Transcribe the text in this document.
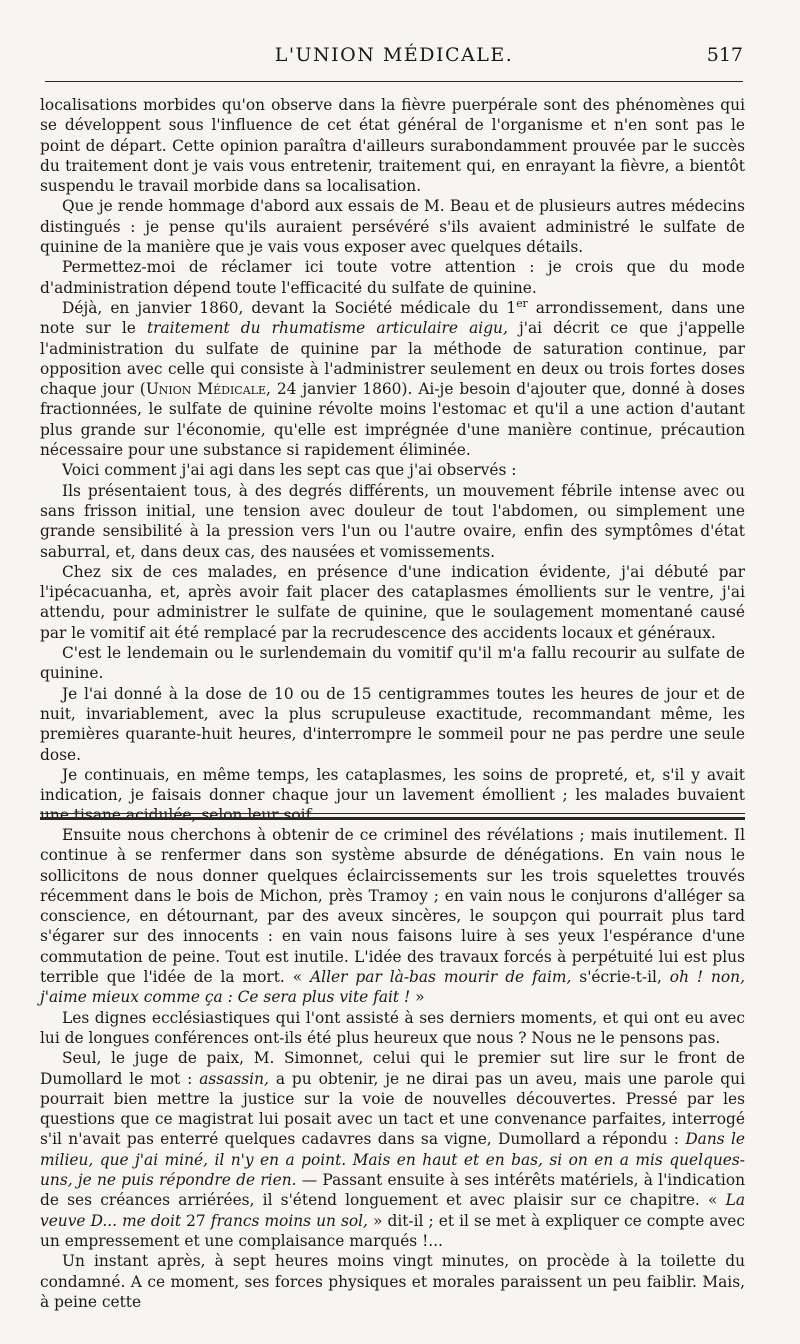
L'UNION MÉDICALE.	517

localisations morbides qu'on observe dans la fièvre puerpérale sont des phénomènes qui se développent sous l'influence de cet état général de l'organisme et n'en sont pas le point de départ. Cette opinion paraîtra d'ailleurs surabondamment prouvée par le succès du traitement dont je vais vous entretenir, traitement qui, en enrayant la fièvre, a bientôt suspendu le travail morbide dans sa localisation.

Que je rende hommage d'abord aux essais de M. Beau et de plusieurs autres médecins distingués : je pense qu'ils auraient persévéré s'ils avaient administré le sulfate de quinine de la manière que je vais vous exposer avec quelques détails.

Permettez-moi de réclamer ici toute votre attention : je crois que du mode d'administration dépend toute l'efficacité du sulfate de quinine.

Déjà, en janvier 1860, devant la Société médicale du 1er arrondissement, dans une note sur le traitement du rhumatisme articulaire aigu, j'ai décrit ce que j'appelle l'administration du sulfate de quinine par la méthode de saturation continue, par opposition avec celle qui consiste à l'administrer seulement en deux ou trois fortes doses chaque jour (Union Médicale, 24 janvier 1860). Ai-je besoin d'ajouter que, donné à doses fractionnées, le sulfate de quinine révolte moins l'estomac et qu'il a une action d'autant plus grande sur l'économie, qu'elle est imprégnée d'une manière continue, précaution nécessaire pour une substance si rapidement éliminée.

Voici comment j'ai agi dans les sept cas que j'ai observés :

Ils présentaient tous, à des degrés différents, un mouvement fébrile intense avec ou sans frisson initial, une tension avec douleur de tout l'abdomen, ou simplement une grande sensibilité à la pression vers l'un ou l'autre ovaire, enfin des symptômes d'état saburral, et, dans deux cas, des nausées et vomissements.

Chez six de ces malades, en présence d'une indication évidente, j'ai débuté par l'ipécacuanha, et, après avoir fait placer des cataplasmes émollients sur le ventre, j'ai attendu, pour administrer le sulfate de quinine, que le soulagement momentané causé par le vomitif ait été remplacé par la recrudescence des accidents locaux et généraux.

C'est le lendemain ou le surlendemain du vomitif qu'il m'a fallu recourir au sulfate de quinine.

Je l'ai donné à la dose de 10 ou de 15 centigrammes toutes les heures de jour et de nuit, invariablement, avec la plus scrupuleuse exactitude, recommandant même, les premières quarante-huit heures, d'interrompre le sommeil pour ne pas perdre une seule dose.

Je continuais, en même temps, les cataplasmes, les soins de propreté, et, s'il y avait indication, je faisais donner chaque jour un lavement émollient ; les malades buvaient une tisane acidulée, selon leur soif.

Ensuite nous cherchons à obtenir de ce criminel des révélations ; mais inutilement. Il continue à se renfermer dans son système absurde de dénégations. En vain nous le sollicitons de nous donner quelques éclaircissements sur les trois squelettes trouvés récemment dans le bois de Michon, près Tramoy ; en vain nous le conjurons d'alléger sa conscience, en détournant, par des aveux sincères, le soupçon qui pourrait plus tard s'égarer sur des innocents : en vain nous faisons luire à ses yeux l'espérance d'une commutation de peine. Tout est inutile. L'idée des travaux forcés à perpétuité lui est plus terrible que l'idée de la mort. « Aller par là-bas mourir de faim, s'écrie-t-il, oh ! non, j'aime mieux comme ça : Ce sera plus vite fait ! »

Les dignes ecclésiastiques qui l'ont assisté à ses derniers moments, et qui ont eu avec lui de longues conférences ont-ils été plus heureux que nous ? Nous ne le pensons pas.

Seul, le juge de paix, M. Simonnet, celui qui le premier sut lire sur le front de Dumollard le mot : assassin, a pu obtenir, je ne dirai pas un aveu, mais une parole qui pourrait bien mettre la justice sur la voie de nouvelles découvertes. Pressé par les questions que ce magistrat lui posait avec un tact et une convenance parfaites, interrogé s'il n'avait pas enterré quelques cadavres dans sa vigne, Dumollard a répondu : Dans le milieu, que j'ai miné, il n'y en a point. Mais en haut et en bas, si on en a mis quelques-uns, je ne puis répondre de rien. — Passant ensuite à ses intérêts matériels, à l'indication de ses créances arriérées, il s'étend longuement et avec plaisir sur ce chapitre. « La veuve D... me doit 27 francs moins un sol, » dit-il ; et il se met à expliquer ce compte avec un empressement et une complaisance marqués !...

Un instant après, à sept heures moins vingt minutes, on procède à la toilette du condamné. A ce moment, ses forces physiques et morales paraissent un peu faiblir. Mais, à peine cette
